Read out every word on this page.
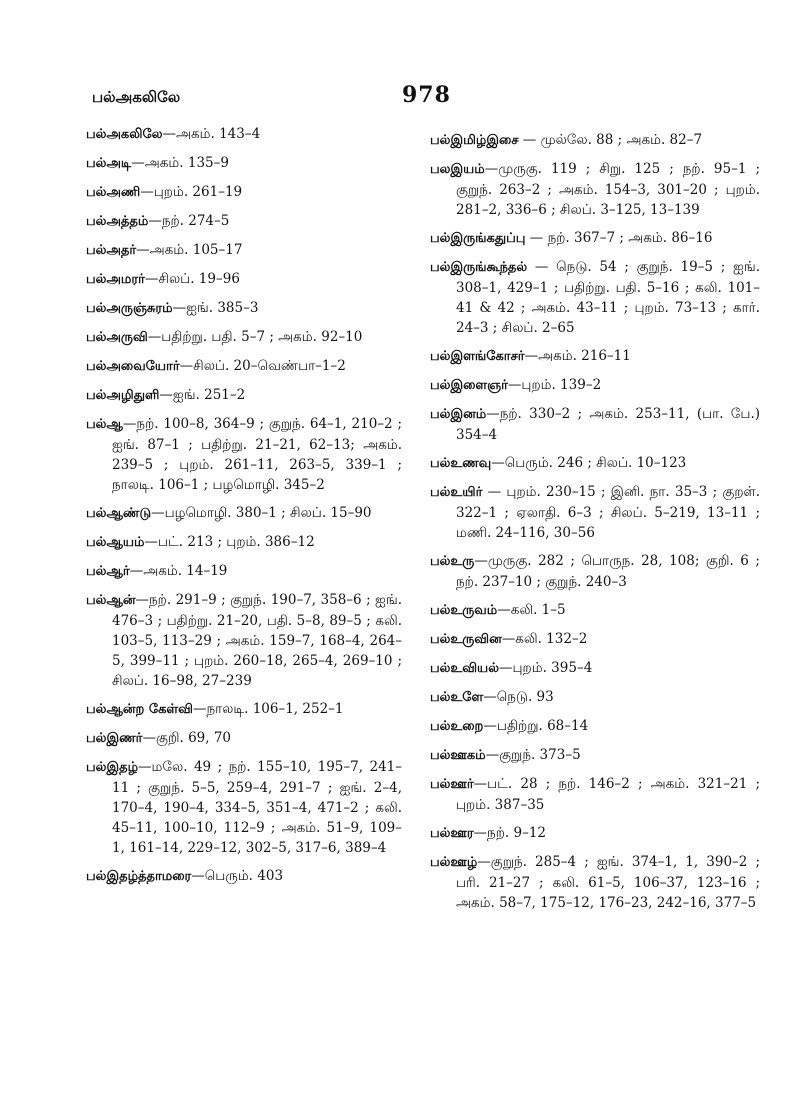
பல்அகலிலே	978
பல்அகலிலே—அகம். 143–4
பல்அடி—அகம். 135–9
பல்அணி—புறம். 261–19
பல்அத்தம்—நற். 274–5
பல்அதர்—அகம். 105–17
பல்அமரர்—சிலப். 19–96
பல்அருஞ்சுரம்—ஐங். 385–3
பல்அருவி—பதிற்று. பதி. 5–7 ; அகம். 92–10
பல்அவையோர்—சிலப். 20–வெண்பா–1–2
பல்அழிதுளி—ஐங். 251–2
பல்ஆ—நற். 100–8, 364–9 ; குறுந். 64–1, 210–2 ; ஐங். 87–1 ; பதிற்று. 21–21, 62–13; அகம். 239–5 ; புறம். 261–11, 263–5, 339–1 ; நாலடி. 106–1 ; பழமொழி. 345–2
பல்ஆண்டு—பழமொழி. 380–1 ; சிலப். 15–90
பல்ஆயம்—பட். 213 ; புறம். 386–12
பல்ஆர்—அகம். 14–19
பல்ஆன்—நற். 291–9 ; குறுந். 190–7, 358–6 ; ஐங். 476–3 ; பதிற்று. 21–20, பதி. 5–8, 89–5 ; கலி. 103–5, 113–29 ; அகம். 159–7, 168–4, 264–5, 399–11 ; புறம். 260–18, 265–4, 269–10 ; சிலப். 16–98, 27–239
பல்ஆன்ற கேள்வி—நாலடி. 106–1, 252–1
பல்இணர்—குறி. 69, 70
பல்இதழ்—மலே. 49 ; நற். 155–10, 195–7, 241–11 ; குறுந். 5–5, 259–4, 291–7 ; ஐங். 2–4, 170–4, 190–4, 334–5, 351–4, 471–2 ; கலி. 45–11, 100–10, 112–9 ; அகம். 51–9, 109–1, 161–14, 229–12, 302–5, 317–6, 389–4
பல்இதழ்த்தாமரை—பெரும். 403
பல்இமிழ்இசை — முல்லே. 88 ; அகம். 82–7
பலஇயம்—முருகு. 119 ; சிறு. 125 ; நற். 95–1 ; குறுந். 263–2 ; அகம். 154–3, 301–20 ; புறம். 281–2, 336–6 ; சிலப். 3–125, 13–139
பல்இருங்கதுப்பு — நற். 367–7 ; அகம். 86–16
பல்இருங்கூந்தல் — நெடு. 54 ; குறுந். 19–5 ; ஐங். 308–1, 429–1 ; பதிற்று. பதி. 5–16 ; கலி. 101–41 & 42 ; அகம். 43–11 ; புறம். 73–13 ; கார். 24–3 ; சிலப். 2–65
பல்இளங்கோசர்—அகம். 216–11
பல்இளைஞர்—புறம். 139–2
பல்இனம்—நற். 330–2 ; அகம். 253–11, (பா. பே.) 354–4
பல்உணவு—பெரும். 246 ; சிலப். 10–123
பல்உயிர் — புறம். 230–15 ; இனி. நா. 35–3 ; குறள். 322–1 ; ஏலாதி. 6–3 ; சிலப். 5–219, 13–11 ; மணி. 24–116, 30–56
பல்உரு—முருகு. 282 ; பொருந. 28, 108; குறி. 6 ; நற். 237–10 ; குறுந். 240–3
பல்உருவம்—கலி. 1–5
பல்உருவின—கலி. 132–2
பல்உவியல்—புறம். 395–4
பல்உளே—நெடு. 93
பல்உறை—பதிற்று. 68–14
பல்ஊகம்—குறுந். 373–5
பல்ஊர்—பட். 28 ; நற். 146–2 ; அகம். 321–21 ; புறம். 387–35
பல்ஊர—நற். 9–12
பல்ஊழ்—குறுந். 285–4 ; ஐங். 374–1, 1, 390–2 ; பரி. 21–27 ; கலி. 61–5, 106–37, 123–16 ; அகம். 58–7, 175–12, 176–23, 242–16, 377–5
